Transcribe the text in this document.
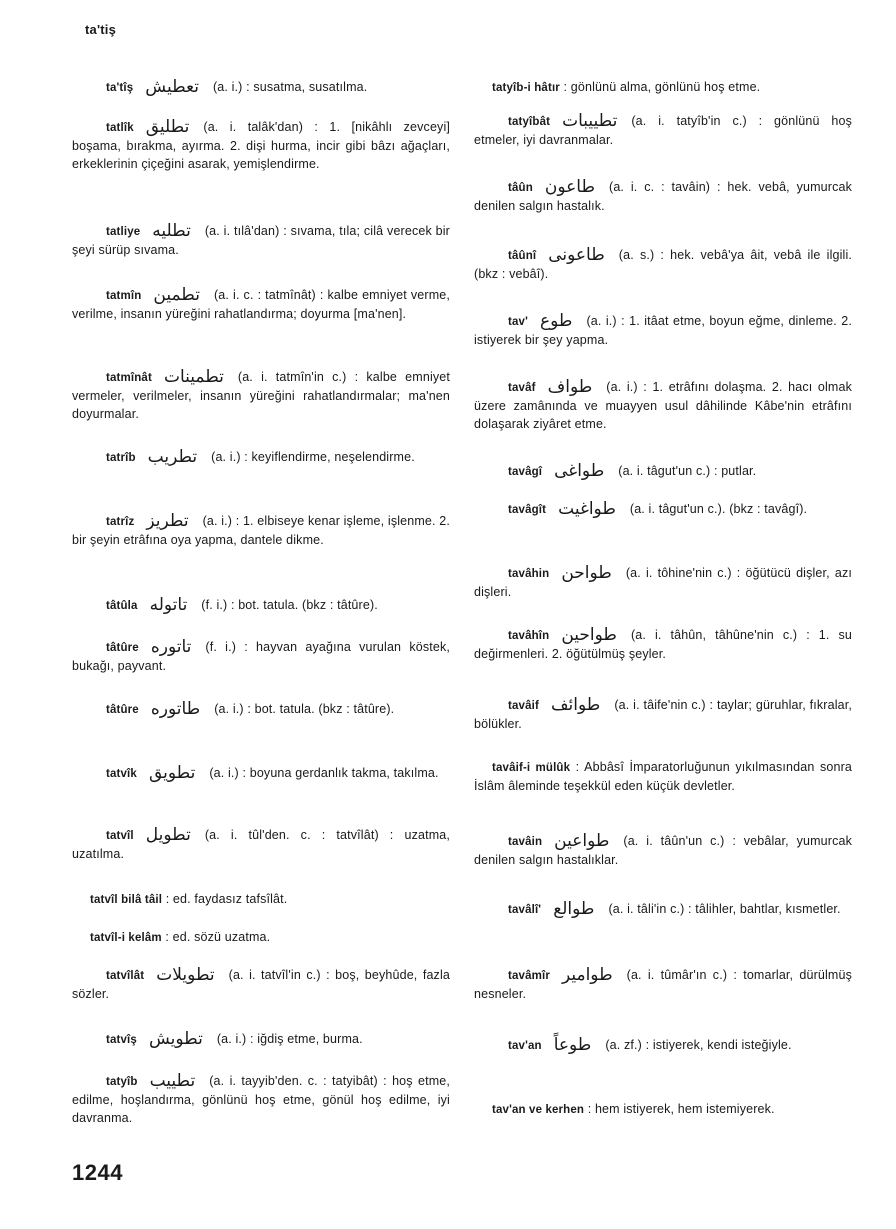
ta'tiş
ta'tîş تعطیش (a. i.) : susatma, susatılma.
tatlîk تطلیق (a. i. talâk'dan) : 1. [nikâhlı zevceyi] boşama, bırakma, ayırma. 2. dişi hurma, incir gibi bâzı ağaçları, erkeklerinin çiçeğini asarak, yemişlendirme.
tatliye تطلیه (a. i. tılâ'dan) : sıvama, tıla; cilâ verecek bir şeyi sürüp sıvama.
tatmîn تطمین (a. i. c. : tatmînât) : kalbe emniyet verme, verilme, insanın yüreğini rahatlandırma; doyurma [ma'nen].
tatmînât تطمینات (a. i. tatmîn'in c.) : kalbe emniyet vermeler, verilmeler, insanın yüreğini rahatlandırmalar; ma'nen doyurmalar.
tatrîb تطریب (a. i.) : keyiflendirme, neşelendirme.
tatrîz تطریز (a. i.) : 1. elbiseye kenar işleme, işlenme. 2. bir şeyin etrâfına oya yapma, dantele dikme.
tâtûla تاتوله (f. i.) : bot. tatula. (bkz : tâtûre).
tâtûre تاتوره (f. i.) : hayvan ayağına vurulan köstek, bukağı, payvant.
tâtûre طاتوره (a. i.) : bot. tatula. (bkz : tâtûre).
tatvîk تطویق (a. i.) : boyuna gerdanlık takma, takılma.
tatvîl تطویل (a. i. tûl'den. c. : tatvîlât) : uzatma, uzatılma.
tatvîl bilâ tâil : ed. faydasız tafsîlât.
tatvîl-i kelâm : ed. sözü uzatma.
tatvîlât تطویلات (a. i. tatvîl'in c.) : boş, beyhûde, fazla sözler.
tatvîş تطویش (a. i.) : iğdiş etme, burma.
tatyîb تطییب (a. i. tayyib'den. c. : tatyibât) : hoş etme, edilme, hoşlandırma, gönlünü hoş etme, gönül hoş edilme, iyi davranma.
tatyîb-i hâtır : gönlünü alma, gönlünü hoş etme.
tatyîbât تطییبات (a. i. tatyîb'in c.) : gönlünü hoş etmeler, iyi davranmalar.
tâûn طاعون (a. i. c. : tavâin) : hek. vebâ, yumurcak denilen salgın hastalık.
tâûnî طاعونی (a. s.) : hek. vebâ'ya âit, vebâ ile ilgili. (bkz : vebâî).
tav' طوع (a. i.) : 1. itâat etme, boyun eğme, dinleme. 2. istiyerek bir şey yapma.
tavâf طواف (a. i.) : 1. etrâfını dolaşma. 2. hacı olmak üzere zamânında ve muayyen usul dâhilinde Kâbe'nin etrâfını dolaşarak ziyâret etme.
tavâgî طواغی (a. i. tâgut'un c.) : putlar.
tavâgît طواغیت (a. i. tâgut'un c.). (bkz : tavâgî).
tavâhin طواحن (a. i. tôhine'nin c.) : öğütücü dişler, azı dişleri.
tavâhîn طواحین (a. i. tâhûn, tâhûne'nin c.) : 1. su değirmenleri. 2. öğütülmüş şeyler.
tavâif طوائف (a. i. tâife'nin c.) : taylar; güruhlar, fıkralar, bölükler.
tavâif-i mülûk : Abbâsî İmparatorluğunun yıkılmasından sonra İslâm âleminde teşekkül eden küçük devletler.
tavâin طواعین (a. i. tâûn'un c.) : vebâlar, yumurcak denilen salgın hastalıklar.
tavâlî' طوالع (a. i. tâli'in c.) : tâlihler, bahtlar, kısmetler.
tavâmîr طوامیر (a. i. tûmâr'ın c.) : tomarlar, dürülmüş nesneler.
tav'an طوعاً (a. zf.) : istiyerek, kendi isteğiyle.
tav'an ve kerhen : hem istiyerek, hem istemiyerek.
1244
